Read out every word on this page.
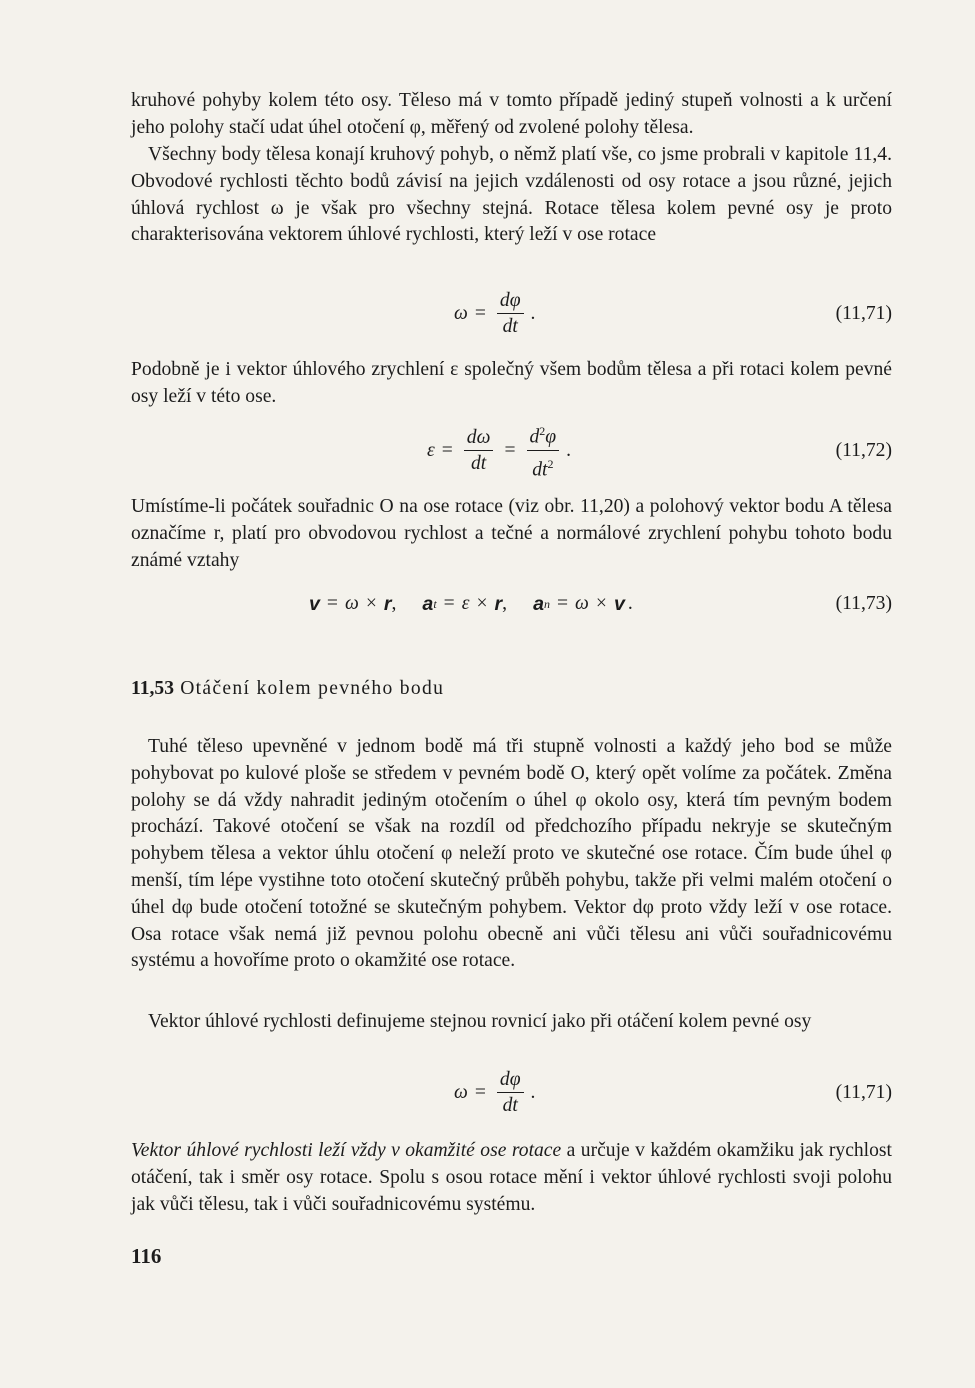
kruhové pohyby kolem této osy. Těleso má v tomto případě jediný stupeň volnosti a k určení jeho polohy stačí udat úhel otočení φ, měřený od zvolené polohy tělesa.

Všechny body tělesa konají kruhový pohyb, o němž platí vše, co jsme probrali v kapitole 11,4. Obvodové rychlosti těchto bodů závisí na jejich vzdálenosti od osy rotace a jsou různé, jejich úhlová rychlost ω je však pro všechny stejná. Rotace tělesa kolem pevné osy je proto charakterisována vektorem úhlové rychlosti, který leží v ose rotace

$\omega = \frac{d\varphi}{dt}$ .	(11,71)

Podobně je i vektor úhlového zrychlení ε společný všem bodům tělesa a při rotaci kolem pevné osy leží v této ose.

$\varepsilon = \frac{d\omega}{dt} = \frac{d^2\varphi}{dt^2}$ .	(11,72)

Umístíme-li počátek souřadnic O na ose rotace (viz obr. 11,20) a polohový vektor bodu A tělesa označíme r, platí pro obvodovou rychlost a tečné a normálové zrychlení pohybu tohoto bodu známé vztahy

v = ω × r , a t = ε × r , a n = ω × v .	(11,73)
11,53 Otáčení kolem pevného bodu

Tuhé těleso upevněné v jednom bodě má tři stupně volnosti a každý jeho bod se může pohybovat po kulové ploše se středem v pevném bodě O, který opět volíme za počátek. Změna polohy se dá vždy nahradit jediným otočením o úhel φ okolo osy, která tím pevným bodem prochází. Takové otočení se však na rozdíl od předchozího případu nekryje se skutečným pohybem tělesa a vektor úhlu otočení φ neleží proto ve skutečné ose rotace. Čím bude úhel φ menší, tím lépe vystihne toto otočení skutečný průběh pohybu, takže při velmi malém otočení o úhel dφ bude otočení totožné se skutečným pohybem. Vektor dφ proto vždy leží v ose rotace. Osa rotace však nemá již pevnou polohu obecně ani vůči tělesu ani vůči souřadnicovému systému a hovoříme proto o okamžité ose rotace.

Vektor úhlové rychlosti definujeme stejnou rovnicí jako při otáčení kolem pevné osy

$\omega = \frac{d\varphi}{dt}$ .	(11,71)

Vektor úhlové rychlosti leží vždy v okamžité ose rotace a určuje v každém okamžiku jak rychlost otáčení, tak i směr osy rotace. Spolu s osou rotace mění i vektor úhlové rychlosti svoji polohu jak vůči tělesu, tak i vůči souřadnicovému systému.

116
